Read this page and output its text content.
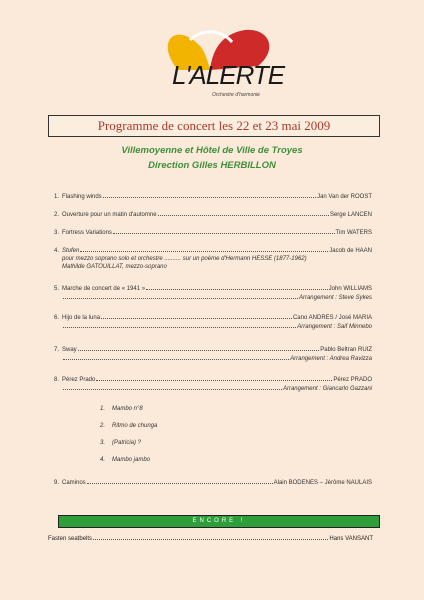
L'ALERTE
Orchestre d'harmonie
Programme de concert les 22 et 23 mai 2009
Villemoyenne et Hôtel de Ville de Troyes
Direction Gilles HERBILLON
1. Flashing winds	Jan Van der ROOST
2. Ouverture pour un matin d'automne	Serge LANCEN
3. Fortress Variations	Tim WATERS
4. Stufen	Jacob de HAAN
pour mezzo soprano solo et orchestre ..........
sur un poème d'Hermann HESSE (1877-1962)
Mathilde GATOUILLAT, mezzo-soprano
5. Marche de concert de « 1941 »	John WILLIAMS
Arrangement : Steve Sykes
6. Hijo de la luna	Cano ANDRES / José MARIA
Arrangement : Saif Minnebo
7. Sway	Pablo Beltran RUIZ
Arrangement : Andrea Ravizza
8. Pérez Prado	Pérez PRADO
Arrangement : Giancarlo Gazzani
1. Mambo n°8
2. Ritmo de chunga
3. (Patricia) ?
4. Mambo jambo
9. Caminos	Alain BODENES – Jérôme NAULAIS
ENCORE !
Fasten seatbelts	Hans VANSANT
